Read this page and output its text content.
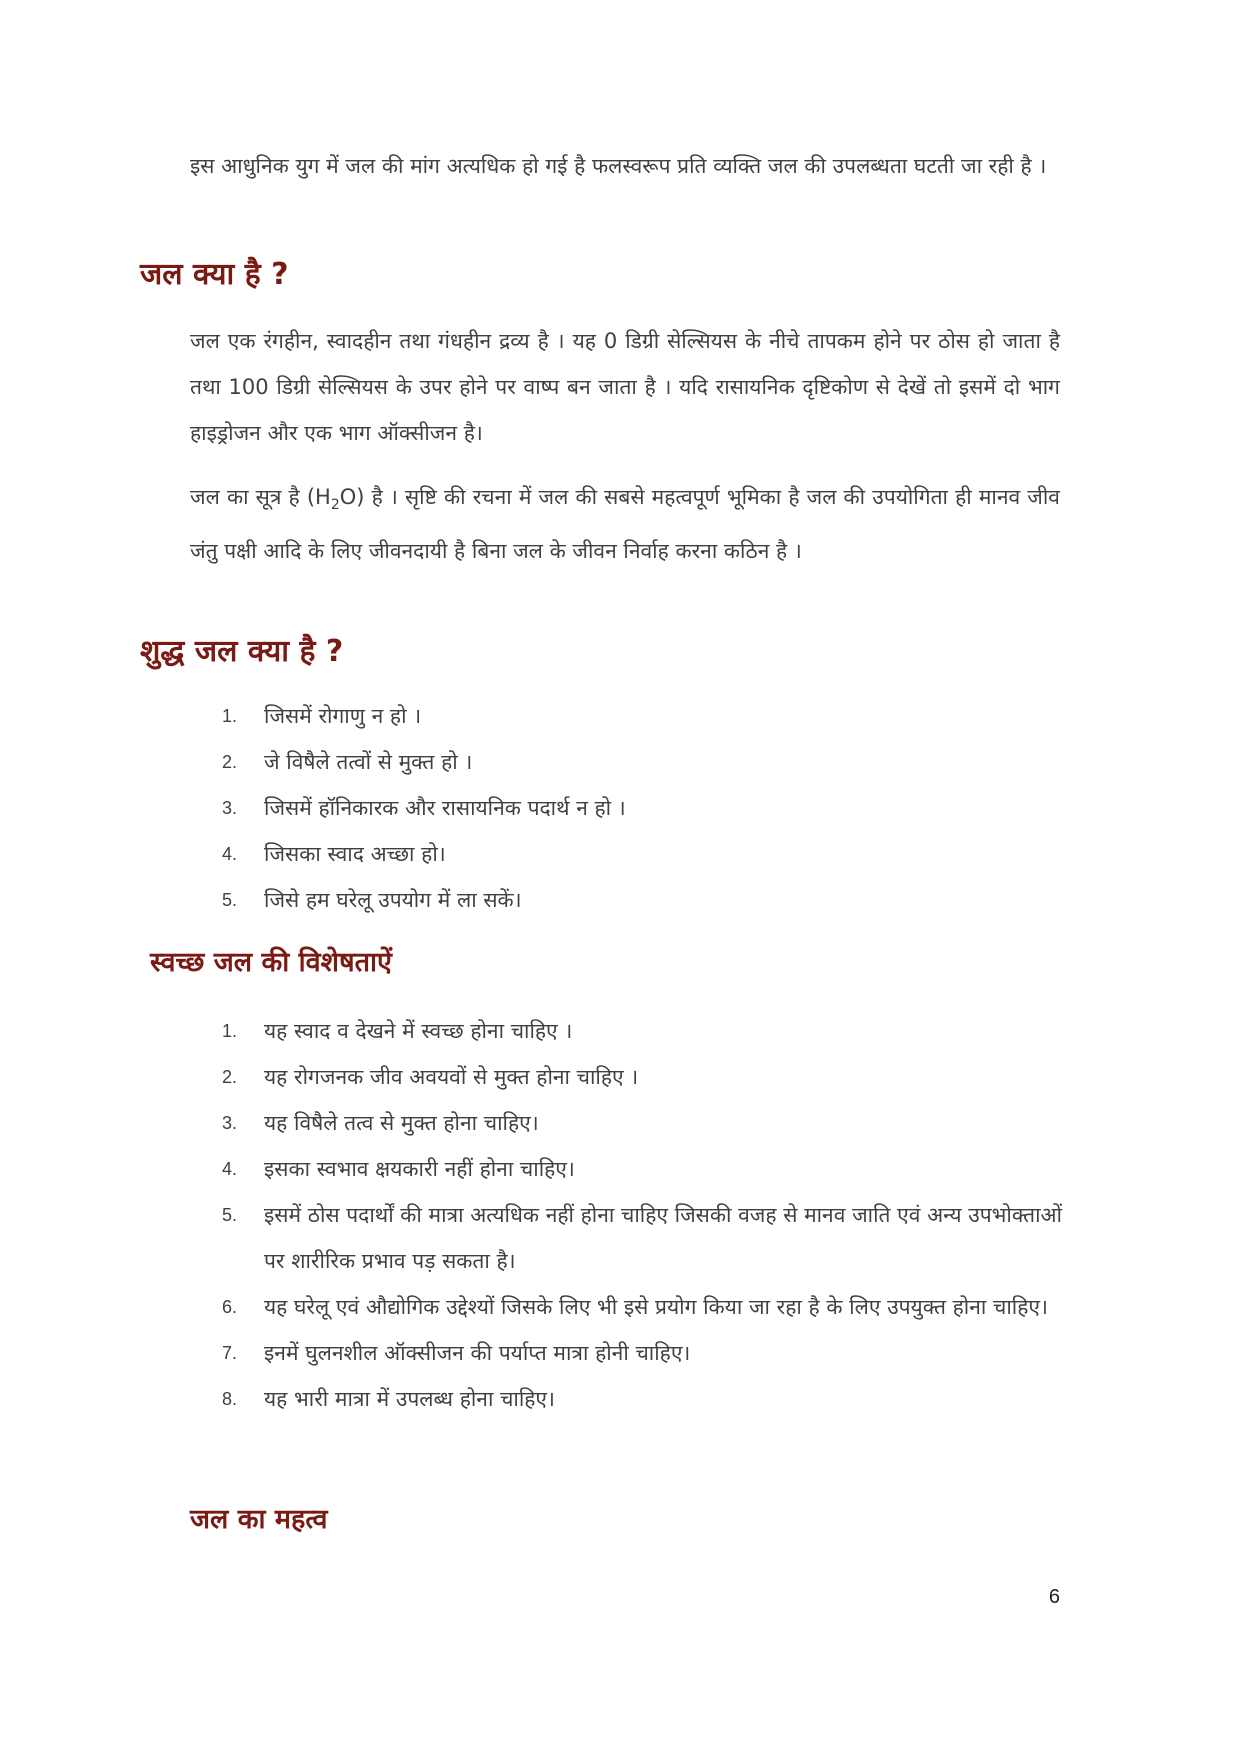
इस आधुनिक युग में जल की मांग अत्यधिक हो गई है फलस्वरूप प्रति व्यक्ति जल की उपलब्धता घटती जा रही है ।

जल क्या है ?

जल एक रंगहीन, स्वादहीन तथा गंधहीन द्रव्य है । यह 0 डिग्री सेल्सियस के नीचे तापकम होने पर ठोस हो जाता है तथा 100 डिग्री सेल्सियस के उपर होने पर वाष्प बन जाता है । यदि रासायनिक दृष्टिकोण से देखें तो इसमें दो भाग हाइड्रोजन और एक भाग ऑक्सीजन है।

जल का सूत्र है $(H_2O)$ है । सृष्टि की रचना में जल की सबसे महत्वपूर्ण भूमिका है जल की उपयोगिता ही मानव जीव जंतु पक्षी आदि के लिए जीवनदायी है बिना जल के जीवन निर्वाह करना कठिन है ।

शुद्ध जल क्या है ?
1. जिसमें रोगाणु न हो ।
2. जे विषैले तत्वों से मुक्त हो ।
3. जिसमें हॉनिकारक और रासायनिक पदार्थ न हो ।
4. जिसका स्वाद अच्छा हो।
5. जिसे हम घरेलू उपयोग में ला सकें।
स्वच्छ जल की विशेषताऐं
1. यह स्वाद व देखने में स्वच्छ होना चाहिए ।
2. यह रोगजनक जीव अवयवों से मुक्त होना चाहिए ।
3. यह विषैले तत्व से मुक्त होना चाहिए।
4. इसका स्वभाव क्षयकारी नहीं होना चाहिए।
5. इसमें ठोस पदार्थों की मात्रा अत्यधिक नहीं होना चाहिए जिसकी वजह से मानव जाति एवं अन्य उपभोक्ताओं पर शारीरिक प्रभाव पड़ सकता है।
6. यह घरेलू एवं औद्योगिक उद्देश्यों जिसके लिए भी इसे प्रयोग किया जा रहा है के लिए उपयुक्त होना चाहिए।
7. इनमें घुलनशील ऑक्सीजन की पर्याप्त मात्रा होनी चाहिए।
8. यह भारी मात्रा में उपलब्ध होना चाहिए।
जल का महत्व
6
